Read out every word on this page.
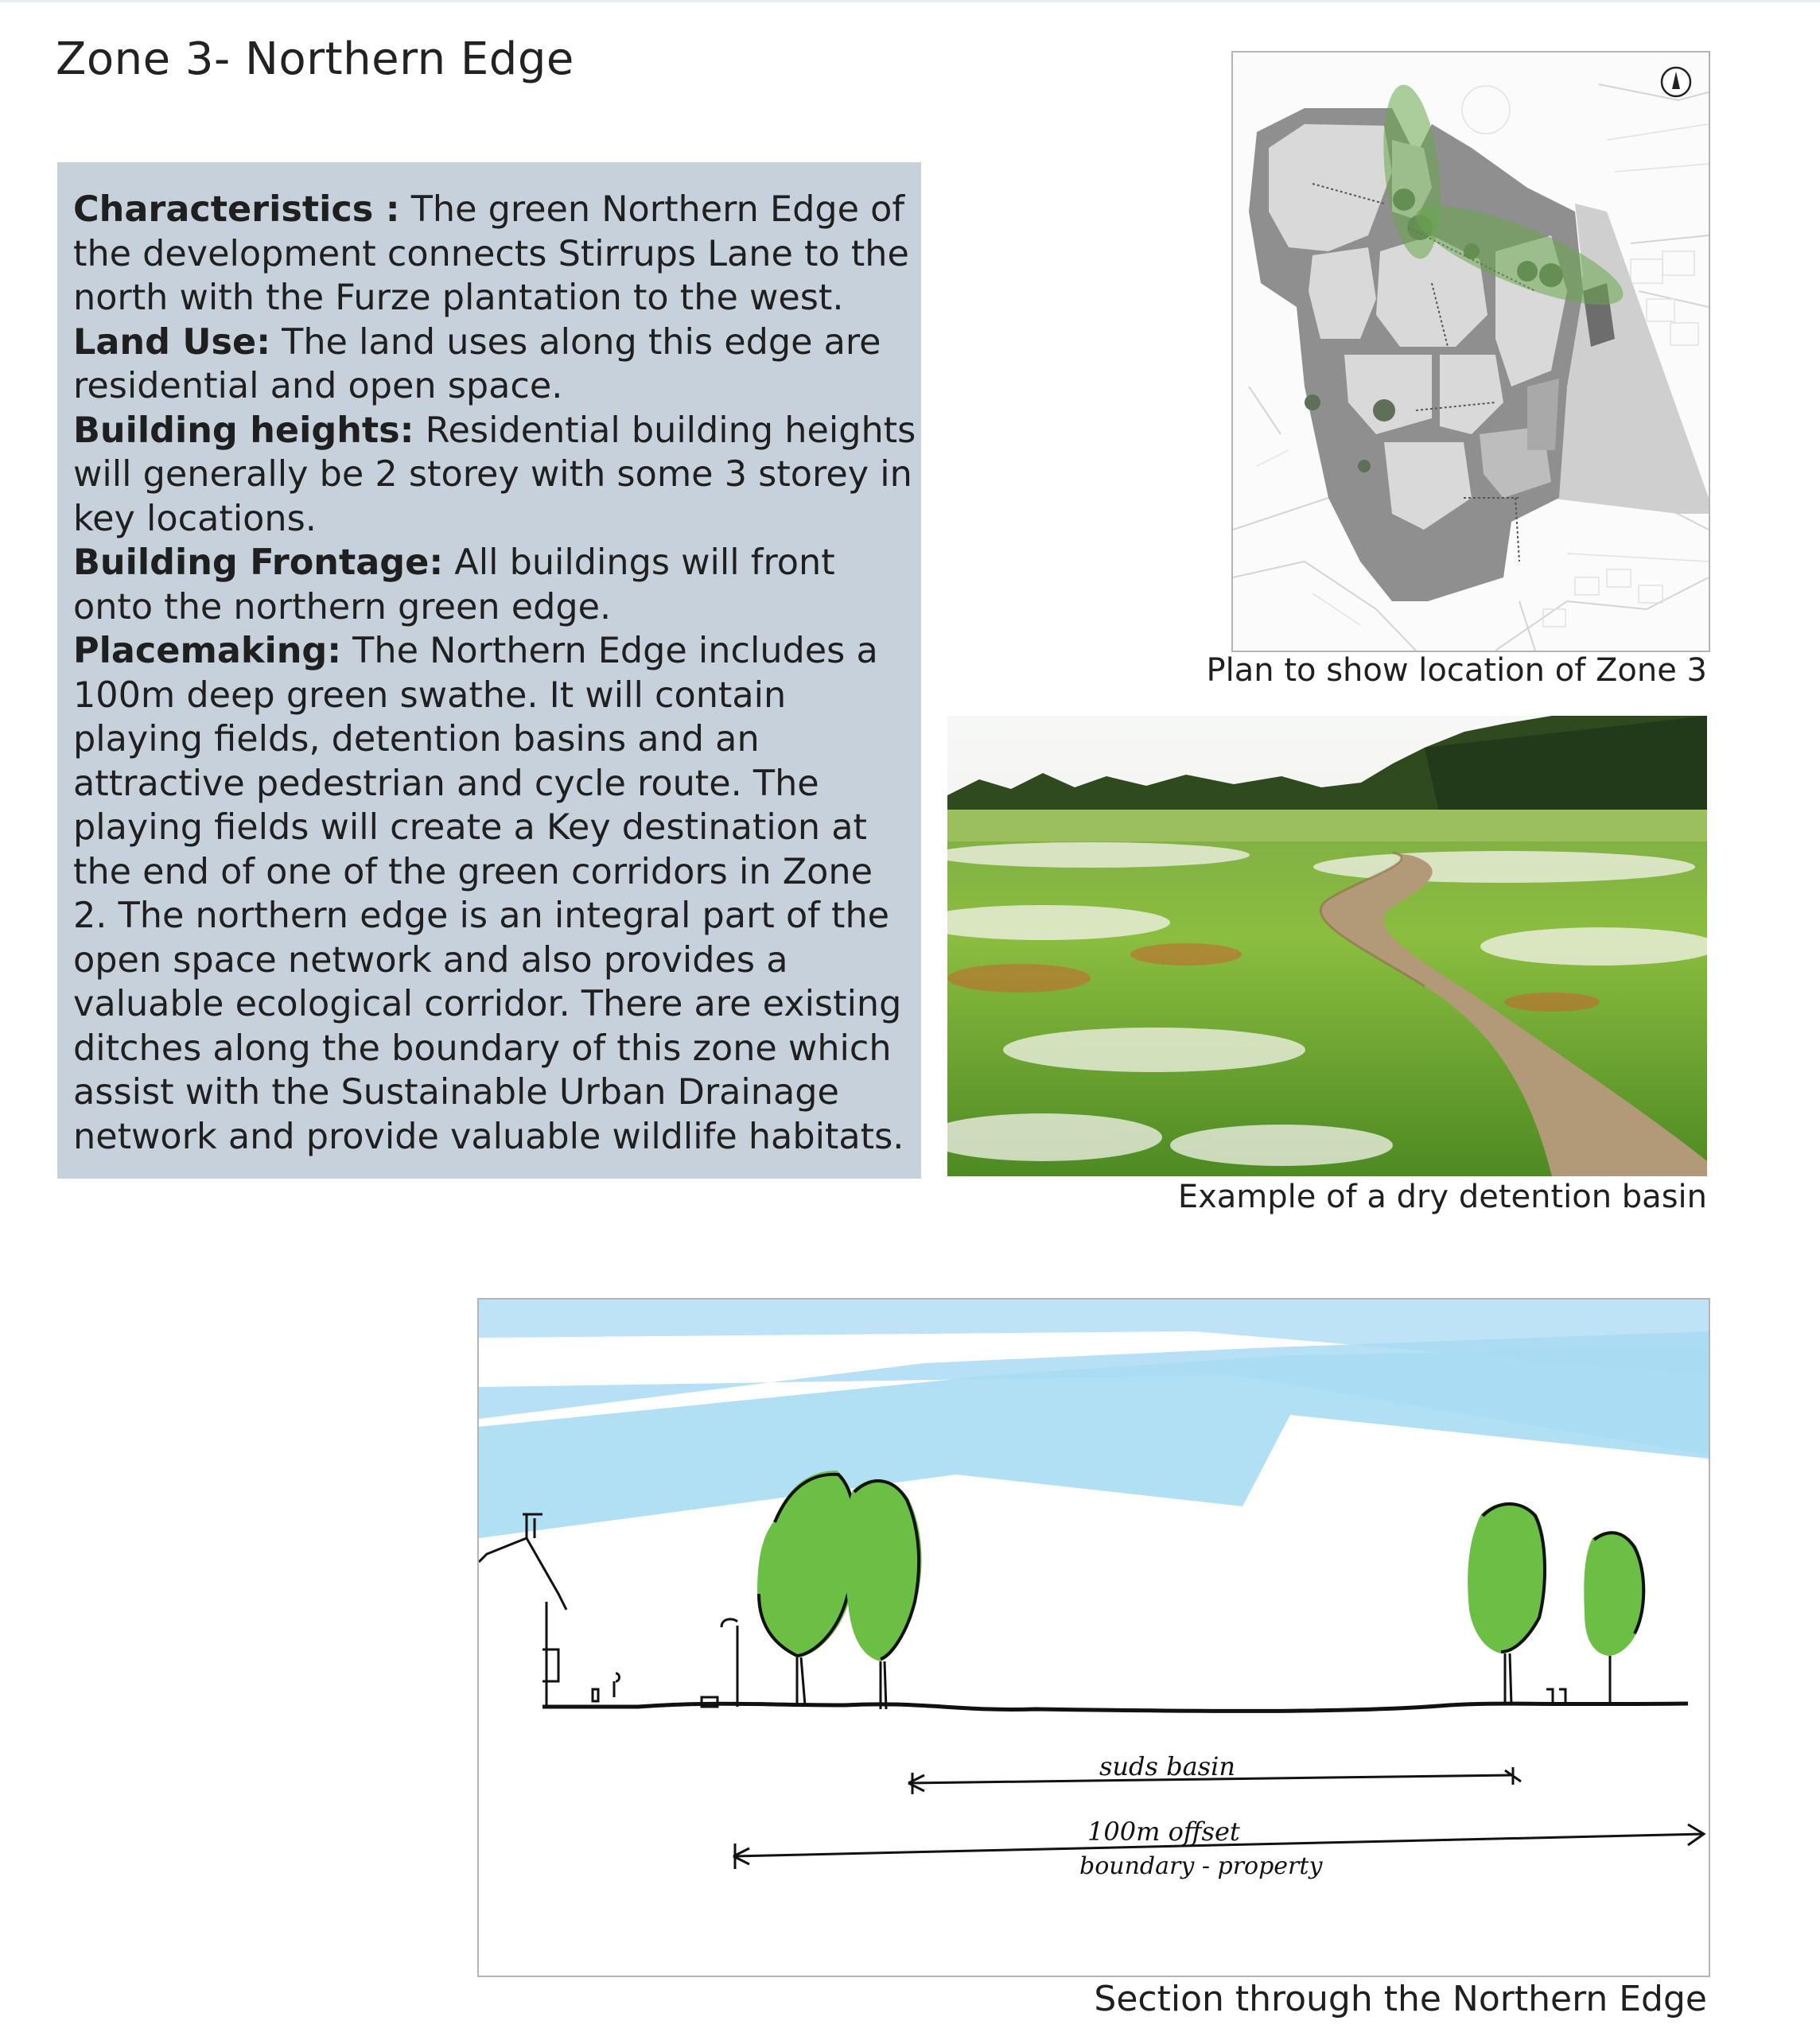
Zone 3- Northern Edge

Characteristics : The green Northern Edge of the development connects Stirrups Lane to the north with the Furze plantation to the west.

Land Use: The land uses along this edge are residential and open space.

Building heights: Residential building heights will generally be 2 storey with some 3 storey in key locations.

Building Frontage: All buildings will front onto the northern green edge.

Placemaking: The Northern Edge includes a 100m deep green swathe. It will contain playing fields, detention basins and an attractive pedestrian and cycle route. The playing fields will create a Key destination at the end of one of the green corridors in Zone 2. The northern edge is an integral part of the open space network and also provides a valuable ecological corridor. There are existing ditches along the boundary of this zone which assist with the Sustainable Urban Drainage network and provide valuable wildlife habitats.

Plan to show location of Zone 3
Example of a dry detention basin
suds basin
100m offset
boundary - property
Section through the Northern Edge
